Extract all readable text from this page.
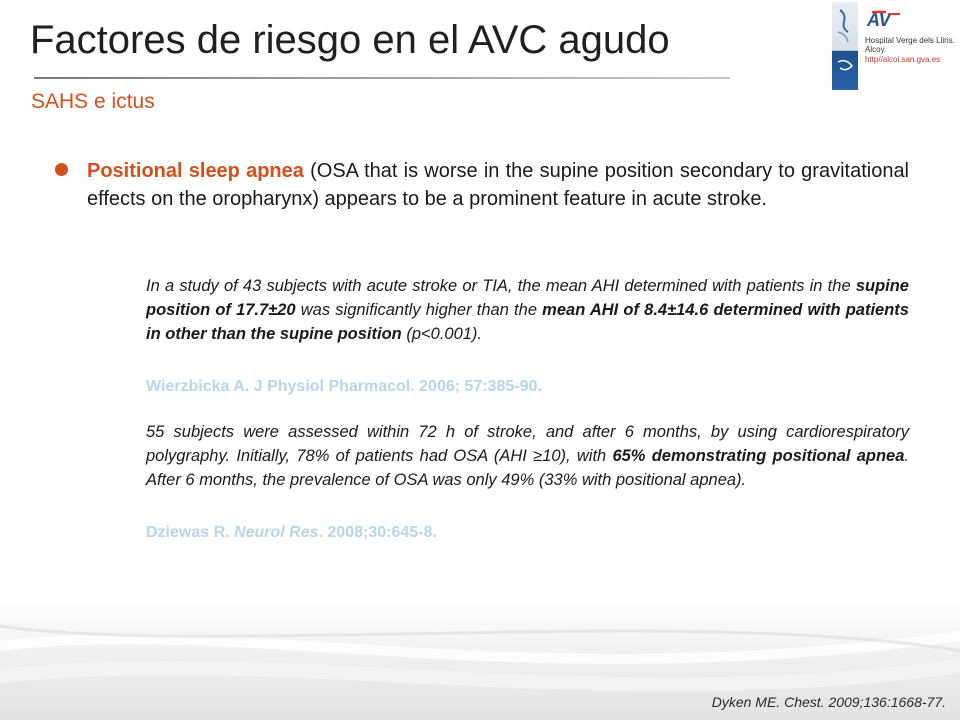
Factores de riesgo en el AVC agudo
SAHS e ictus
AV
Hospital Verge dels Lliris.
Alcoy.
http//alcoi.san.gva.es
Positional sleep apnea (OSA that is worse in the supine position secondary to gravitational effects on the oropharynx) appears to be a prominent feature in acute stroke.
In a study of 43 subjects with acute stroke or TIA, the mean AHI determined with patients in the supine position of 17.7±20 was significantly higher than the mean AHI of 8.4±14.6 determined with patients in other than the supine position (p<0.001).
Wierzbicka A. J Physiol Pharmacol. 2006; 57:385-90.
55 subjects were assessed within 72 h of stroke, and after 6 months, by using cardiorespiratory polygraphy. Initially, 78% of patients had OSA (AHI ≥10), with 65% demonstrating positional apnea. After 6 months, the prevalence of OSA was only 49% (33% with positional apnea).
Dziewas R. Neurol Res. 2008;30:645-8.
Dyken ME. Chest. 2009;136:1668-77.
